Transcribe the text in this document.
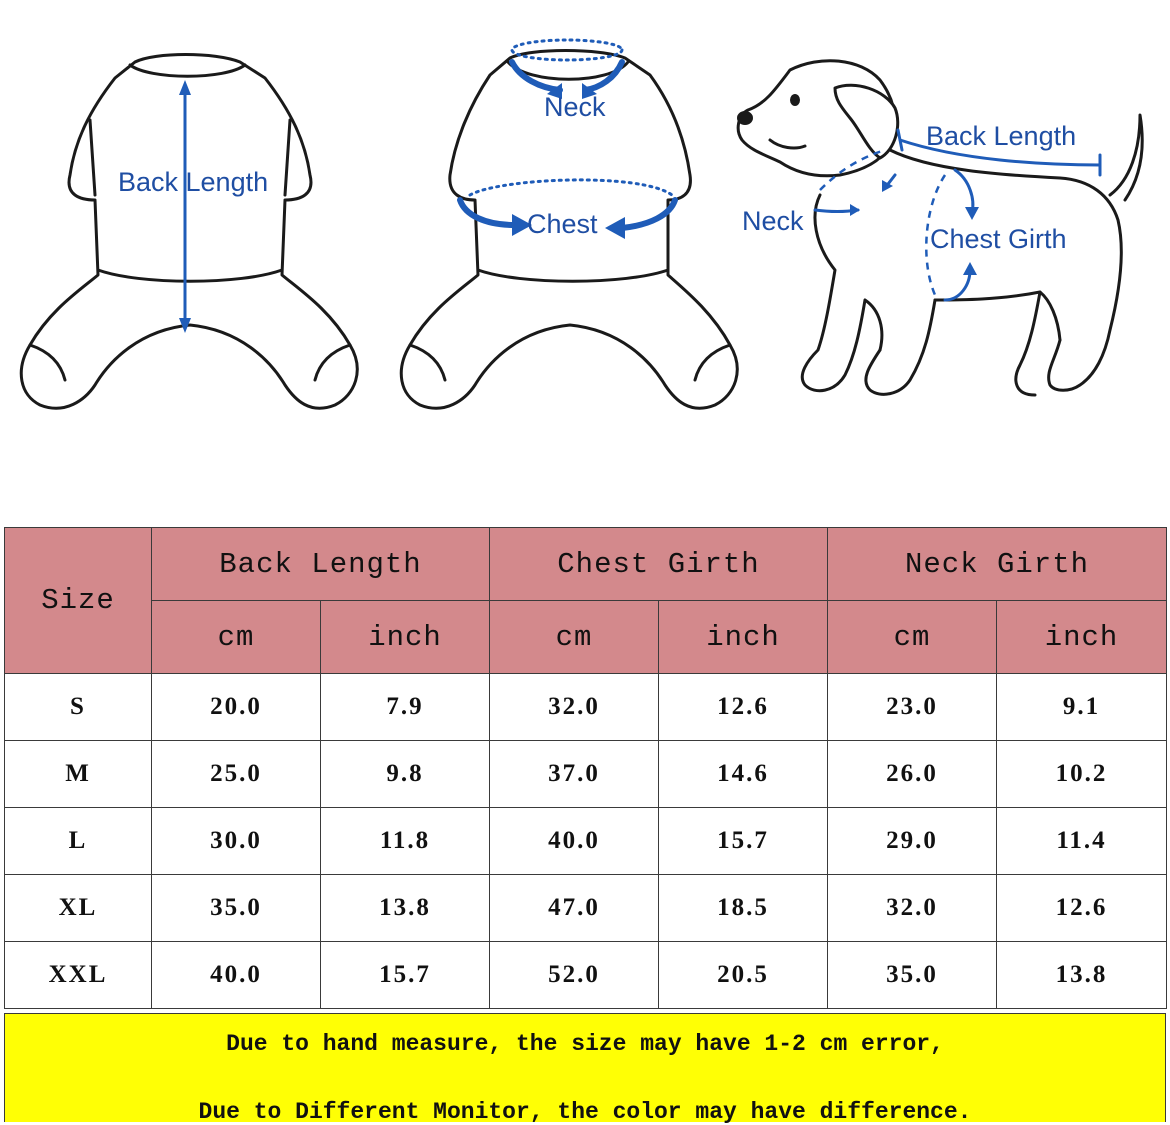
Back Length
Neck
Chest
Back Length
Neck
Chest Girth
Size	Back Length		Chest Girth		Neck Girth	
	cm	inch	cm	inch	cm	inch
S	20.0	7.9	32.0	12.6	23.0	9.1
M	25.0	9.8	37.0	14.6	26.0	10.2
L	30.0	11.8	40.0	15.7	29.0	11.4
XL	35.0	13.8	47.0	18.5	32.0	12.6
XXL	40.0	15.7	52.0	20.5	35.0	13.8

Due to hand measure, the size may have 1-2 cm error,

Due to Different Monitor, the color may have difference.
